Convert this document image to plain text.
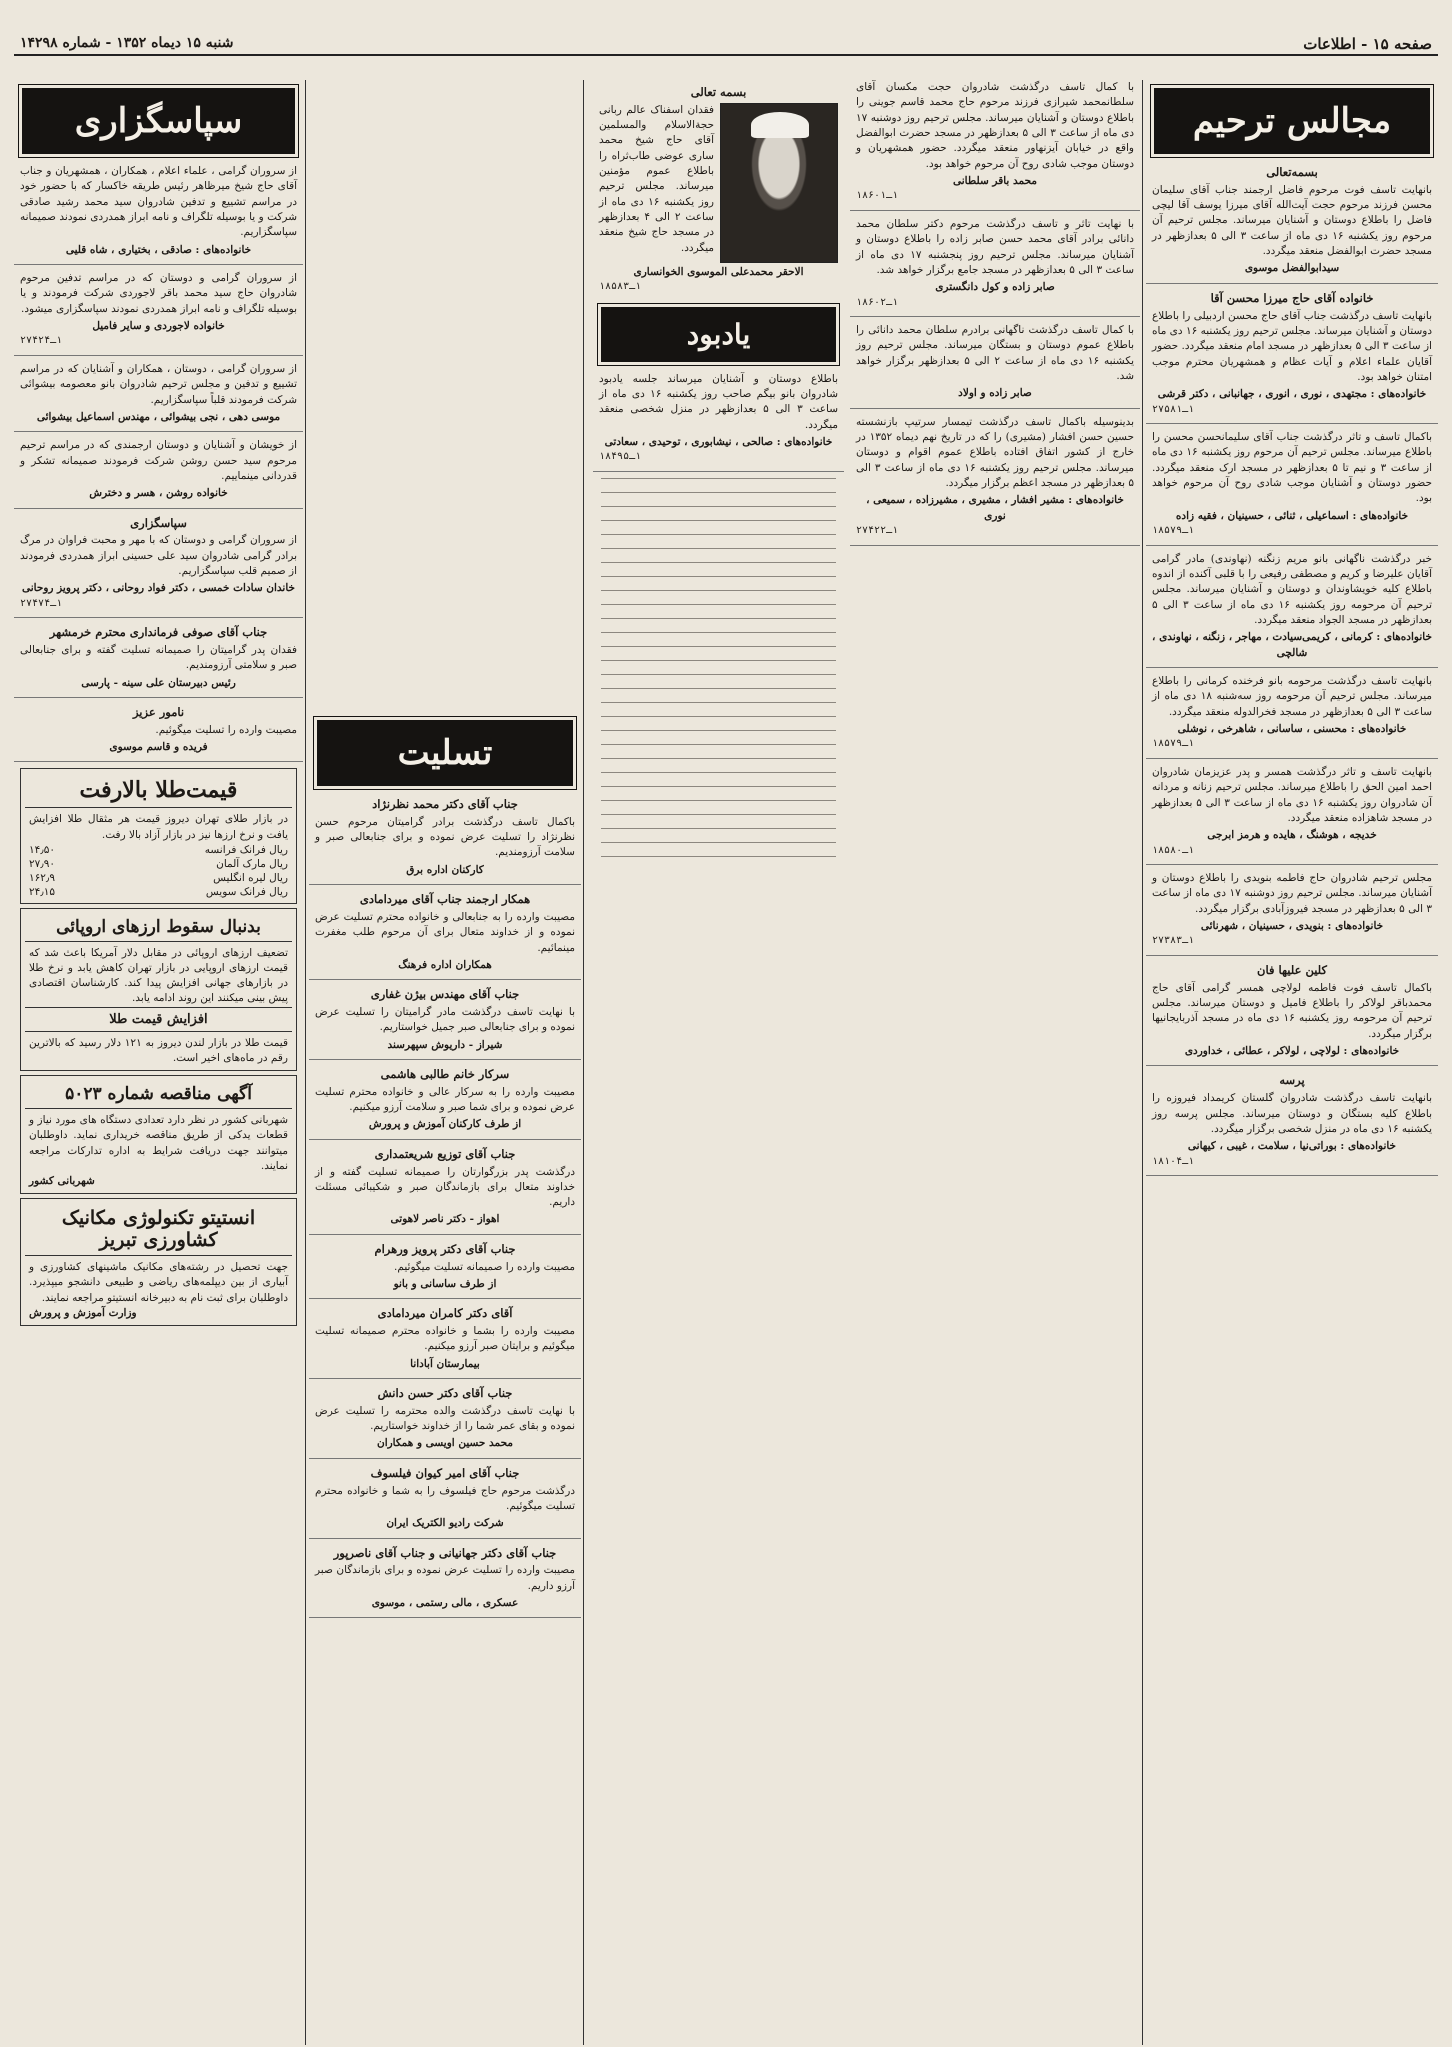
صفحه ۱۵ - اطلاعات
شنبه ۱۵ دیماه ۱۳۵۲ - شماره ۱۴۲۹۸
مجالس ترحیم
بسمه‌تعالی
بانهایت تاسف فوت مرحوم فاضل ارجمند جناب آقای سلیمان محسن فرزند مرحوم حجت آیت‌الله آقای میرزا یوسف آقا لیچی فاضل را باطلاع دوستان و آشنایان میرساند. مجلس ترحیم آن مرحوم روز یکشنبه ۱۶ دی ماه از ساعت ۳ الی ۵ بعدازظهر در مسجد حضرت ابوالفضل منعقد میگردد.
سیدابوالفضل موسوی
خانواده آقای حاج میرزا محسن آقا
بانهایت تاسف درگذشت جناب آقای حاج محسن اردبیلی را باطلاع دوستان و آشنایان میرساند. مجلس ترحیم روز یکشنبه ۱۶ دی ماه از ساعت ۳ الی ۵ بعدازظهر در مسجد امام منعقد میگردد. حضور آقایان علماء اعلام و آیات عظام و همشهریان محترم موجب امتنان خواهد بود.
خانواده‌های : مجتهدی ، نوری ، انوری ، جهانبانی ، دکتر قرشی
۱ـ۲۷۵۸۱
باکمال تاسف و تاثر درگذشت جناب آقای سلیمانحسن محسن را باطلاع میرساند. مجلس ترحیم آن مرحوم روز یکشنبه ۱۶ دی ماه از ساعت ۳ و نیم تا ۵ بعدازظهر در مسجد ارک منعقد میگردد. حضور دوستان و آشنایان موجب شادی روح آن مرحوم خواهد بود.
خانواده‌های : اسماعیلی ، ثنائی ، حسینیان ، فقیه زاده
۱ـ۱۸۵۷۹
خبر درگذشت ناگهانی بانو مریم زنگنه (نهاوندی) مادر گرامی آقایان علیرضا و کریم و مصطفی رفیعی را با قلبی آکنده از اندوه باطلاع کلیه خویشاوندان و دوستان و آشنایان میرساند. مجلس ترحیم آن مرحومه روز یکشنبه ۱۶ دی ماه از ساعت ۳ الی ۵ بعدازظهر در مسجد الجواد منعقد میگردد.
خانواده‌های : کرمانی ، کریمی‌سیادت ، مهاجر ، زنگنه ، نهاوندی ، شالچی
بانهایت تاسف درگذشت مرحومه بانو فرخنده کرمانی را باطلاع میرساند. مجلس ترحیم آن مرحومه روز سه‌شنبه ۱۸ دی ماه از ساعت ۳ الی ۵ بعدازظهر در مسجد فخرالدوله منعقد میگردد.
خانواده‌های : محسنی ، ساسانی ، شاهرخی ، نوشلی
۱ـ۱۸۵۷۹
بانهایت تاسف و تاثر درگذشت همسر و پدر عزیزمان شادروان احمد امین الحق را باطلاع میرساند. مجلس ترحیم زنانه و مردانه آن شادروان روز یکشنبه ۱۶ دی ماه از ساعت ۳ الی ۵ بعدازظهر در مسجد شاهزاده منعقد میگردد.
خدیجه ، هوشنگ ، هایده و هرمز ابرجی
۱ـ۱۸۵۸۰
مجلس ترحیم شادروان حاج فاطمه بنویدی را باطلاع دوستان و آشنایان میرساند. مجلس ترحیم روز دوشنبه ۱۷ دی ماه از ساعت ۳ الی ۵ بعدازظهر در مسجد فیروزآبادی برگزار میگردد.
خانواده‌های : بنویدی ، حسینیان ، شهرنائی
۱ـ۲۷۳۸۳
کلین علیها فان
باکمال تاسف فوت فاطمه لولاچی همسر گرامی آقای حاج محمدباقر لولاکر را باطلاع فامیل و دوستان میرساند. مجلس ترحیم آن مرحومه روز یکشنبه ۱۶ دی ماه در مسجد آذربایجانیها برگزار میگردد.
خانواده‌های : لولاچی ، لولاکر ، عطائی ، خداوردی
پرسه
بانهایت تاسف درگذشت شادروان گلستان کریمداد فیروزه را باطلاع کلیه بستگان و دوستان میرساند. مجلس پرسه روز یکشنبه ۱۶ دی ماه در منزل شخصی برگزار میگردد.
خانواده‌های : بوراتی‌نیا ، سلامت ، غیبی ، کیهانی
۱ـ۱۸۱۰۴
با کمال تاسف درگذشت شادروان حجت مکسان آقای سلطانمحمد شیرازی فرزند مرحوم حاج محمد قاسم جوینی را باطلاع دوستان و آشنایان میرساند. مجلس ترحیم روز دوشنبه ۱۷ دی ماه از ساعت ۳ الی ۵ بعدازظهر در مسجد حضرت ابوالفضل واقع در خیابان آیزنهاور منعقد میگردد. حضور همشهریان و دوستان موجب شادی روح آن مرحوم خواهد بود.
محمد باقر سلطانی
۱ـ۱۸۶۰۱
با نهایت تاثر و تاسف درگذشت مرحوم دکتر سلطان محمد دانائی برادر آقای محمد حسن صابر زاده را باطلاع دوستان و آشنایان میرساند. مجلس ترحیم روز پنجشنبه ۱۷ دی ماه از ساعت ۳ الی ۵ بعدازظهر در مسجد جامع برگزار خواهد شد.
صابر زاده و کول دانگستری
۱ـ۱۸۶۰۲
با کمال تاسف درگذشت ناگهانی برادرم سلطان محمد دانائی را باطلاع عموم دوستان و بستگان میرساند. مجلس ترحیم روز یکشنبه ۱۶ دی ماه از ساعت ۲ الی ۵ بعدازظهر برگزار خواهد شد.
صابر زاده و اولاد
بدینوسیله باکمال تاسف درگذشت تیمسار سرتیپ بازنشسته حسین حسن افشار (مشیری) را که در تاریخ نهم دیماه ۱۳۵۲ در خارج از کشور اتفاق افتاده باطلاع عموم اقوام و دوستان میرساند. مجلس ترحیم روز یکشنبه ۱۶ دی ماه از ساعت ۳ الی ۵ بعدازظهر در مسجد اعظم برگزار میگردد.
خانواده‌های : مشیر افشار ، مشیری ، مشیرزاده ، سمیعی ، نوری
۱ـ۲۷۴۲۲
بسمه تعالی
فقدان اسفناک عالم ربانی حجةالاسلام والمسلمین آقای حاج شیخ محمد ساری عوضی طاب‌ثراه را باطلاع عموم مؤمنین میرساند. مجلس ترحیم روز یکشنبه ۱۶ دی ماه از ساعت ۲ الی ۴ بعدازظهر در مسجد حاج شیخ منعقد میگردد.
الاحقر محمدعلی الموسوی الخوانساری
۱ـ۱۸۵۸۳
یادبود
باطلاع دوستان و آشنایان میرساند جلسه یادبود شادروان بانو بیگم صاحب روز یکشنبه ۱۶ دی ماه از ساعت ۳ الی ۵ بعدازظهر در منزل شخصی منعقد میگردد.
خانواده‌های : صالحی ، نیشابوری ، توحیدی ، سعادتی
۱ـ۱۸۴۹۵
تسلیت
جناب آقای دکتر محمد نظرنژاد
باکمال تاسف درگذشت برادر گرامیتان مرحوم حسن نظرنژاد را تسلیت عرض نموده و برای جنابعالی صبر و سلامت آرزومندیم.
کارکنان اداره برق
همکار ارجمند جناب آقای میردامادی
مصیبت وارده را به جنابعالی و خانواده محترم تسلیت عرض نموده و از خداوند متعال برای آن مرحوم طلب مغفرت مینمائیم.
همکاران اداره فرهنگ
جناب آقای مهندس بیژن غفاری
با نهایت تاسف درگذشت مادر گرامیتان را تسلیت عرض نموده و برای جنابعالی صبر جمیل خواستاریم.
شیراز - داریوش سپهرسند
سرکار خانم طالبی هاشمی
مصیبت وارده را به سرکار عالی و خانواده محترم تسلیت عرض نموده و برای شما صبر و سلامت آرزو میکنیم.
از طرف کارکنان آموزش و پرورش
جناب آقای توزیع شریعتمداری
درگذشت پدر بزرگوارتان را صمیمانه تسلیت گفته و از خداوند متعال برای بازماندگان صبر و شکیبائی مسئلت داریم.
اهواز - دکتر ناصر لاهوتی
جناب آقای دکتر پرویز ورهرام
مصیبت وارده را صمیمانه تسلیت میگوئیم.
از طرف ساسانی و بانو
آقای دکتر کامران میردامادی
مصیبت وارده را بشما و خانواده محترم صمیمانه تسلیت میگوئیم و برایتان صبر آرزو میکنیم.
بیمارستان آبادانا
جناب آقای دکتر حسن دانش
با نهایت تاسف درگذشت والده محترمه را تسلیت عرض نموده و بقای عمر شما را از خداوند خواستاریم.
محمد حسین اویسی و همکاران
جناب آقای امیر کیوان فیلسوف
درگذشت مرحوم حاج فیلسوف را به شما و خانواده محترم تسلیت میگوئیم.
شرکت رادیو الکتریک ایران
جناب آقای دکتر جهانیانی و جناب آقای ناصرپور
مصیبت وارده را تسلیت عرض نموده و برای بازماندگان صبر آرزو داریم.
عسکری ، مالی رستمی ، موسوی
سپاسگزاری
از سروران گرامی ، علماء اعلام ، همکاران ، همشهریان و جناب آقای حاج شیخ میرظاهر رئیس طریقه خاکسار که با حضور خود در مراسم تشییع و تدفین شادروان سید محمد رشید صادقی شرکت و یا بوسیله تلگراف و نامه ابراز همدردی نمودند صمیمانه سپاسگزاریم.
خانواده‌های : صادقی ، بختیاری ، شاه قلیی
از سروران گرامی و دوستان که در مراسم تدفین مرحوم شادروان حاج سید محمد باقر لاجوردی شرکت فرمودند و یا بوسیله تلگراف و نامه ابراز همدردی نمودند سپاسگزاری میشود.
خانواده لاجوردی و سایر فامیل
۱ـ۲۷۴۲۴
از سروران گرامی ، دوستان ، همکاران و آشنایان که در مراسم تشییع و تدفین و مجلس ترحیم شادروان بانو معصومه بیشوائی شرکت فرمودند قلباً سپاسگزاریم.
موسی دهی ، نجی بیشوائی ، مهندس اسماعیل بیشوائی
از خویشان و آشنایان و دوستان ارجمندی که در مراسم ترحیم مرحوم سید حسن روشن شرکت فرمودند صمیمانه تشکر و قدردانی مینماییم.
خانواده روشن ، هسر و دخترش
سپاسگزاری
از سروران گرامی و دوستان که با مهر و محبت فراوان در مرگ برادر گرامی شادروان سید علی حسینی ابراز همدردی فرمودند از صمیم قلب سپاسگزاریم.
خاندان سادات خمسی ، دکتر فواد روحانی ، دکتر پرویز روحانی
۱ـ۲۷۴۷۴
جناب آقای صوفی فرمانداری محترم خرمشهر
فقدان پدر گرامیتان را صمیمانه تسلیت گفته و برای جنابعالی صبر و سلامتی آرزومندیم.
رئیس دبیرستان علی سینه - پارسی
نامور عزیز
مصیبت وارده را تسلیت میگوئیم.
فریده و قاسم موسوی
قیمت‌طلا بالارفت
در بازار طلای تهران دیروز قیمت هر مثقال طلا افزایش یافت و نرخ ارزها نیز در بازار آزاد بالا رفت.
ریال فرانک فرانسه
۱۴٫۵۰
ریال مارک آلمان
۲۷٫۹۰
ریال لیره انگلیس
۱۶۲٫۹
ریال فرانک سویس
۲۴٫۱۵
بدنبال سقوط ارزهای اروپائی
تضعیف ارزهای اروپائی در مقابل دلار آمریکا باعث شد که قیمت ارزهای اروپایی در بازار تهران کاهش یابد و نرخ طلا در بازارهای جهانی افزایش پیدا کند. کارشناسان اقتصادی پیش بینی میکنند این روند ادامه یابد.
افزایش قیمت طلا
قیمت طلا در بازار لندن دیروز به ۱۲۱ دلار رسید که بالاترین رقم در ماه‌های اخیر است.
آگهی مناقصه شماره ۵۰۲۳
شهربانی کشور در نظر دارد تعدادی دستگاه های مورد نیاز و قطعات یدکی از طریق مناقصه خریداری نماید. داوطلبان میتوانند جهت دریافت شرایط به اداره تدارکات مراجعه نمایند.
شهربانی کشور
انستیتو تکنولوژی مکانیک کشاورزی تبریز
جهت تحصیل در رشته‌های مکانیک ماشینهای کشاورزی و آبیاری از بین دیپلمه‌های ریاضی و طبیعی دانشجو میپذیرد. داوطلبان برای ثبت نام به دبیرخانه انستیتو مراجعه نمایند.
وزارت آموزش و پرورش
